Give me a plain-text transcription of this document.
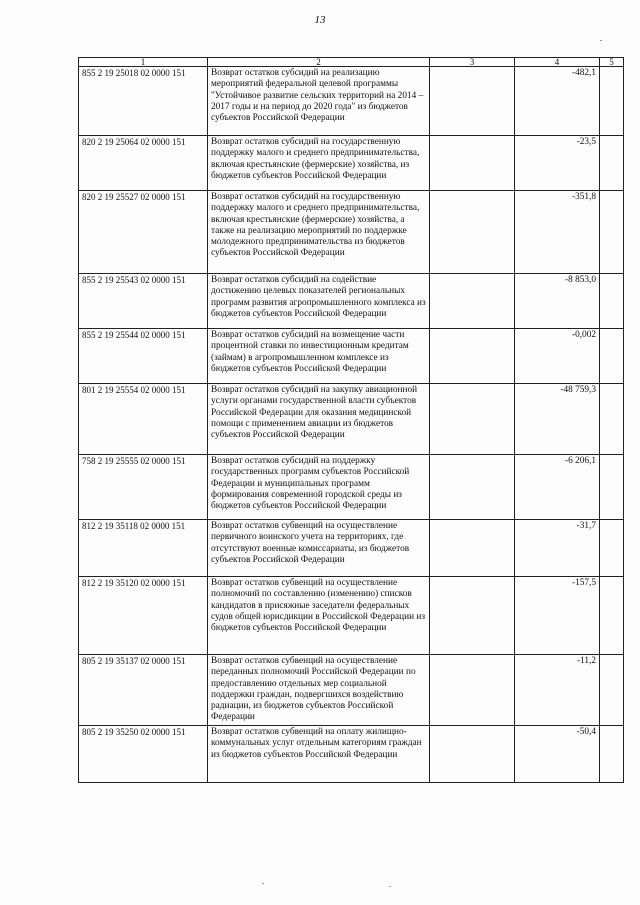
13
1	2	3	4	5
855 2 19 25018 02 0000 151	Возврат остатков субсидий на реализацию мероприятий федеральной целевой программы "Устойчивое развитие сельских территорий на 2014 – 2017 годы и на период до 2020 года" из бюджетов субъектов Российской Федерации		-482,1	
820 2 19 25064 02 0000 151	Возврат остатков субсидий на государственную поддержку малого и среднего предпринимательства, включая крестьянские (фермерские) хозяйства, из бюджетов субъектов Российской Федерации		-23,5	
820 2 19 25527 02 0000 151	Возврат остатков субсидий на государственную поддержку малого и среднего предпринимательства, включая крестьянские (фермерские) хозяйства, а также на реализацию мероприятий по поддержке молодежного предпринимательства из бюджетов субъектов Российской Федерации		-351,8	
855 2 19 25543 02 0000 151	Возврат остатков субсидий на содействие достижению целевых показателей региональных программ развития агропромышленного комплекса из бюджетов субъектов Российской Федерации		-8 853,0	
855 2 19 25544 02 0000 151	Возврат остатков субсидий на возмещение части процентной ставки по инвестиционным кредитам (займам) в агропромышленном комплексе из бюджетов субъектов Российской Федерации		-0,002	
801 2 19 25554 02 0000 151	Возврат остатков субсидий на закупку авиационной услуги органами государственной власти субъектов Российской Федерации для оказания медицинской помощи с применением авиации из бюджетов субъектов Российской Федерации		-48 759,3	
758 2 19 25555 02 0000 151	Возврат остатков субсидий на поддержку государственных программ субъектов Российской Федерации и муниципальных программ формирования современной городской среды из бюджетов субъектов Российской Федерации		-6 206,1	
812 2 19 35118 02 0000 151	Возврат остатков субвенций на осуществление первичного воинского учета на территориях, где отсутствуют военные комиссариаты, из бюджетов субъектов Российской Федерации		-31,7	
812 2 19 35120 02 0000 151	Возврат остатков субвенций на осуществление полномочий по составлению (изменению) списков кандидатов в присяжные заседатели федеральных судов общей юрисдикции в Российской Федерации из бюджетов субъектов Российской Федерации		-157,5	
805 2 19 35137 02 0000 151	Возврат остатков субвенций на осуществление переданных полномочий Российской Федерации по предоставлению отдельных мер социальной поддержки граждан, подвергшихся воздействию радиации, из бюджетов субъектов Российской Федерации		-11,2	
805 2 19 35250 02 0000 151	Возврат остатков субвенций на оплату жилищно-коммунальных услуг отдельным категориям граждан из бюджетов субъектов Российской Федерации		-50,4	
